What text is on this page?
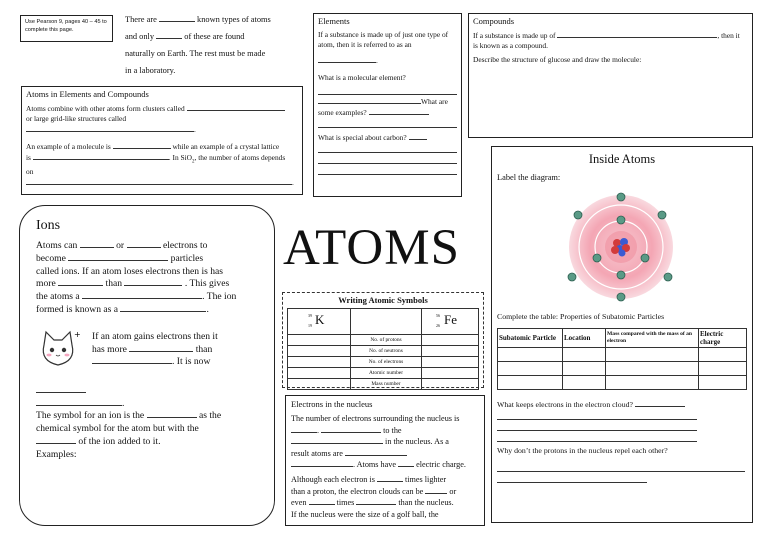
Use Pearson 9, pages 40 – 45 to complete this page.
There are	known types of atoms
and only	of these are found
naturally on Earth. The rest must be made
in a laboratory.
Elements
If a substance is made up of just one type of atom, then it is referred to as an
.
What is a molecular element?
What are
some examples?
What is special about carbon?
Compounds
If a substance is made up of	, then it
is known as a compound.
Describe the structure of glucose and draw the molecule:
Atoms in Elements and Compounds
Atoms combine with other atoms form clusters called
or large grid-like structures called
.
An example of a molecule is	while an example of a crystal lattice
is	. In SiO$_2$, the number of atoms depends
on
.
ATOMS
Ions
Atoms can	or	electrons to
become	particles
called ions. If an atom loses electrons then is has
more	than	. This gives
the atoms a	. The ion
formed is known as a	.
+ If an atom gains electrons then it
has more	than
. It is now
.
The symbol for an ion is the	as the
chemical symbol for the atom but with the
of the ion added to it.
Examples:
Writing Atomic Symbols
39
19 K		56
26 Fe

	No. of protons	
	No. of neutrons	
	No. of electrons	
	Atomic number	
	Mass number	
Electrons in the nucleus
The number of electrons surrounding the nucleus is
.	to the
in the nucleus. As a
result atoms are
. Atoms have electric charge.
Although each electron is	times lighter
than a proton, the electron clouds can be	or
even	times	than the nucleus.
If the nucleus were the size of a golf ball, the
Inside Atoms
Label the diagram:
Complete the table: Properties of Subatomic Particles
Subatomic Particle	Location	Mass compared with the mass of an electron	Electric charge

What keeps electrons in the electron cloud?
Why don’t the protons in the nucleus repel each other?
